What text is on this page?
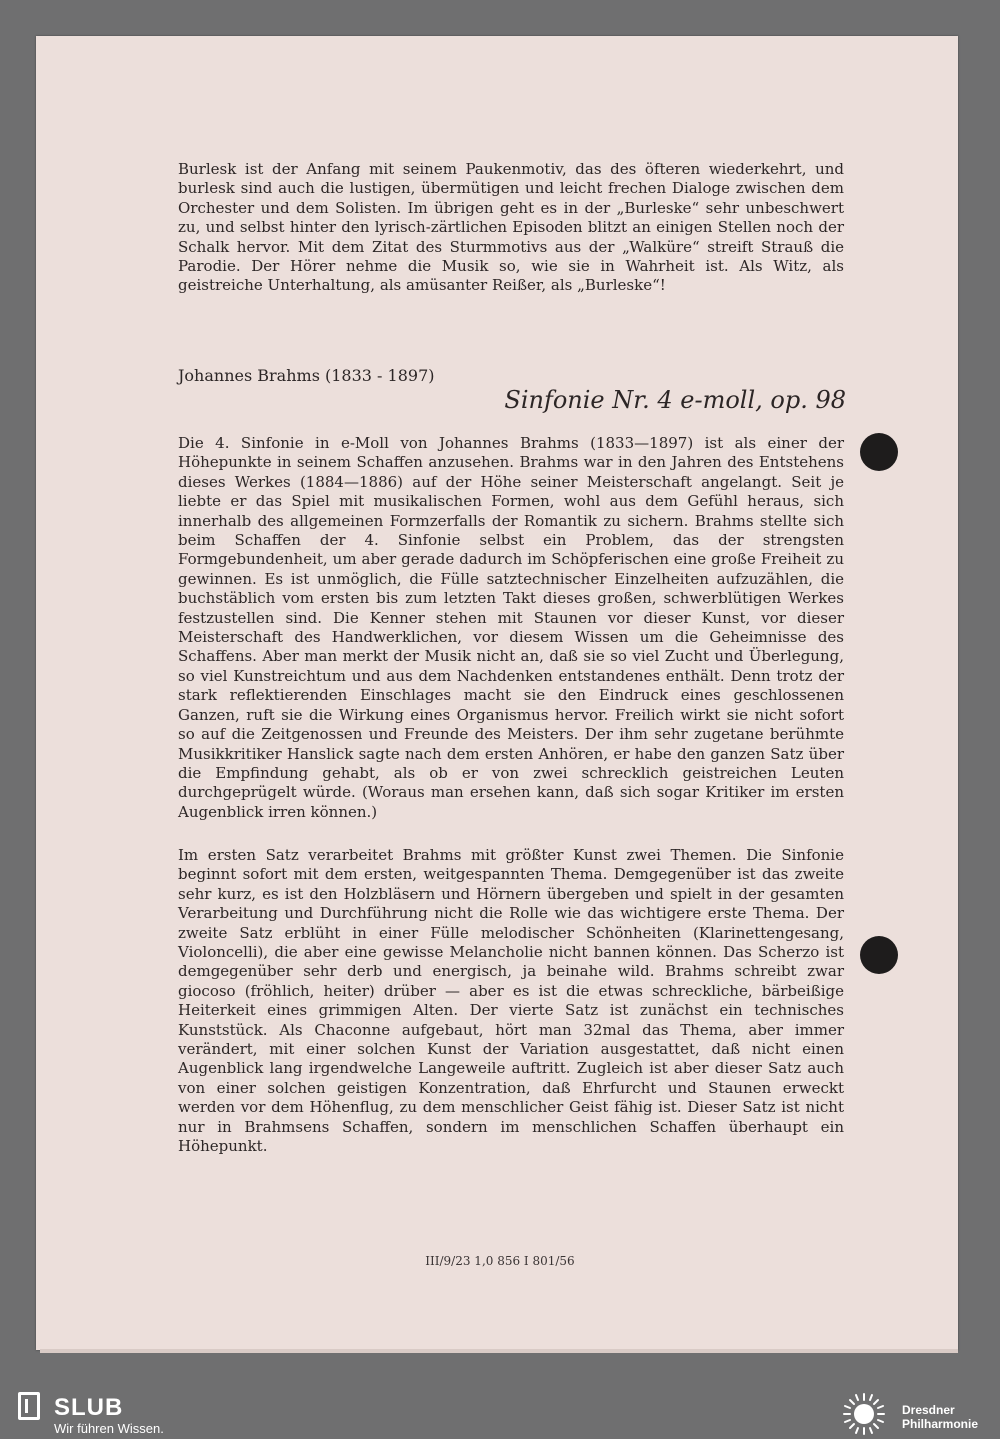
Burlesk ist der Anfang mit seinem Paukenmotiv, das des öfteren wiederkehrt, und burlesk sind auch die lustigen, übermütigen und leicht frechen Dialoge zwischen dem Orchester und dem Solisten. Im übrigen geht es in der „Burleske“ sehr unbeschwert zu, und selbst hinter den lyrisch-zärtlichen Episoden blitzt an einigen Stellen noch der Schalk hervor. Mit dem Zitat des Sturmmotivs aus der „Walküre“ streift Strauß die Parodie. Der Hörer nehme die Musik so, wie sie in Wahrheit ist. Als Witz, als geistreiche Unterhaltung, als amüsanter Reißer, als „Burleske“!

Johannes Brahms (1833 - 1897)

Sinfonie Nr. 4 e-moll, op. 98

Die 4. Sinfonie in e-Moll von Johannes Brahms (1833—1897) ist als einer der Höhepunkte in seinem Schaffen anzusehen. Brahms war in den Jahren des Entstehens dieses Werkes (1884—1886) auf der Höhe seiner Meisterschaft angelangt. Seit je liebte er das Spiel mit musikalischen Formen, wohl aus dem Gefühl heraus, sich innerhalb des allgemeinen Formzerfalls der Romantik zu sichern. Brahms stellte sich beim Schaffen der 4. Sinfonie selbst ein Problem, das der strengsten Formgebundenheit, um aber gerade dadurch im Schöpferischen eine große Freiheit zu gewinnen. Es ist unmöglich, die Fülle satztechnischer Einzelheiten aufzuzählen, die buchstäblich vom ersten bis zum letzten Takt dieses großen, schwerblütigen Werkes festzustellen sind. Die Kenner stehen mit Staunen vor dieser Kunst, vor dieser Meisterschaft des Handwerklichen, vor diesem Wissen um die Geheimnisse des Schaffens. Aber man merkt der Musik nicht an, daß sie so viel Zucht und Überlegung, so viel Kunstreichtum und aus dem Nachdenken entstandenes enthält. Denn trotz der stark reflektierenden Einschlages macht sie den Eindruck eines geschlossenen Ganzen, ruft sie die Wirkung eines Organismus hervor. Freilich wirkt sie nicht sofort so auf die Zeitgenossen und Freunde des Meisters. Der ihm sehr zugetane berühmte Musikkritiker Hanslick sagte nach dem ersten Anhören, er habe den ganzen Satz über die Empfindung gehabt, als ob er von zwei schrecklich geistreichen Leuten durchgeprügelt würde. (Woraus man ersehen kann, daß sich sogar Kritiker im ersten Augenblick irren können.)

Im ersten Satz verarbeitet Brahms mit größter Kunst zwei Themen. Die Sinfonie beginnt sofort mit dem ersten, weitgespannten Thema. Demgegenüber ist das zweite sehr kurz, es ist den Holzbläsern und Hörnern übergeben und spielt in der gesamten Verarbeitung und Durchführung nicht die Rolle wie das wichtigere erste Thema. Der zweite Satz erblüht in einer Fülle melodischer Schönheiten (Klarinettengesang, Violoncelli), die aber eine gewisse Melancholie nicht bannen können. Das Scherzo ist demgegenüber sehr derb und energisch, ja beinahe wild. Brahms schreibt zwar giocoso (fröhlich, heiter) drüber — aber es ist die etwas schreckliche, bärbeißige Heiterkeit eines grimmigen Alten. Der vierte Satz ist zunächst ein technisches Kunststück. Als Chaconne aufgebaut, hört man 32mal das Thema, aber immer verändert, mit einer solchen Kunst der Variation ausgestattet, daß nicht einen Augenblick lang irgendwelche Langeweile auftritt. Zugleich ist aber dieser Satz auch von einer solchen geistigen Konzentration, daß Ehrfurcht und Staunen erweckt werden vor dem Höhenflug, zu dem menschlicher Geist fähig ist. Dieser Satz ist nicht nur in Brahmsens Schaffen, sondern im menschlichen Schaffen überhaupt ein Höhepunkt.

III/9/23 1,0 856 I 801/56

SLUB

Wir führen Wissen.

Dresdner
Philharmonie
